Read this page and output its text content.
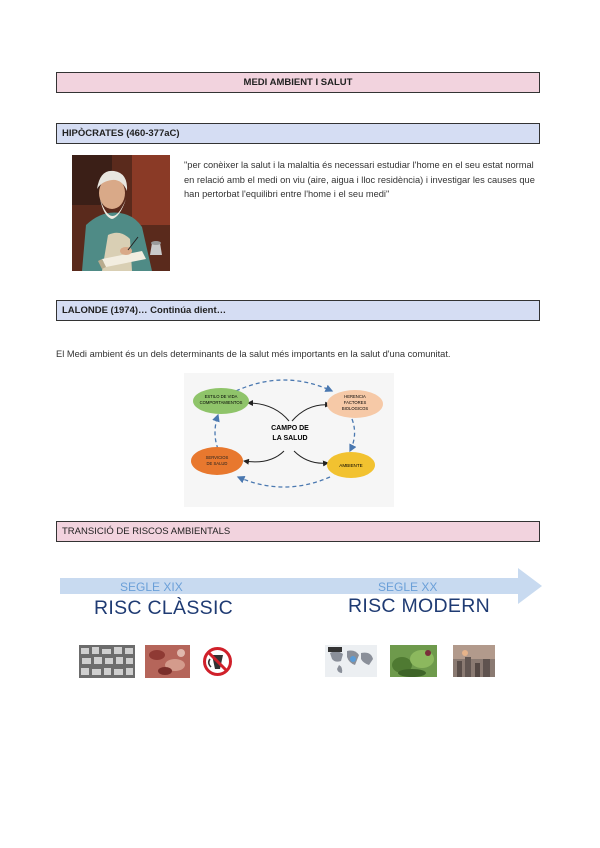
MEDI AMBIENT I SALUT
HIPÒCRATES (460-377aC)
"per conèixer la salut i la malaltia és necessari estudiar l'home en el seu estat normal en relació amb el medi on viu (aire, aigua i lloc residència) i investigar les causes que han pertorbat l'equilibri entre l'home i el seu medi"
LALONDE (1974)… Continúa dient…
El Medi ambient és un dels determinants de la salut més importants en la salut d'una comunitat.
ESTILO DE VIDA
COMPORTAMIENTOS
HERENCIA
FACTORES
BIOLOGICOS
SERVICIOS
DE SALUD	AMBIENTE
CAMPO DE
LA SALUD
TRANSICIÓ DE RISCOS AMBIENTALS
SEGLE XIX	SEGLE XX
RISC CLÀSSIC	RISC MODERN
